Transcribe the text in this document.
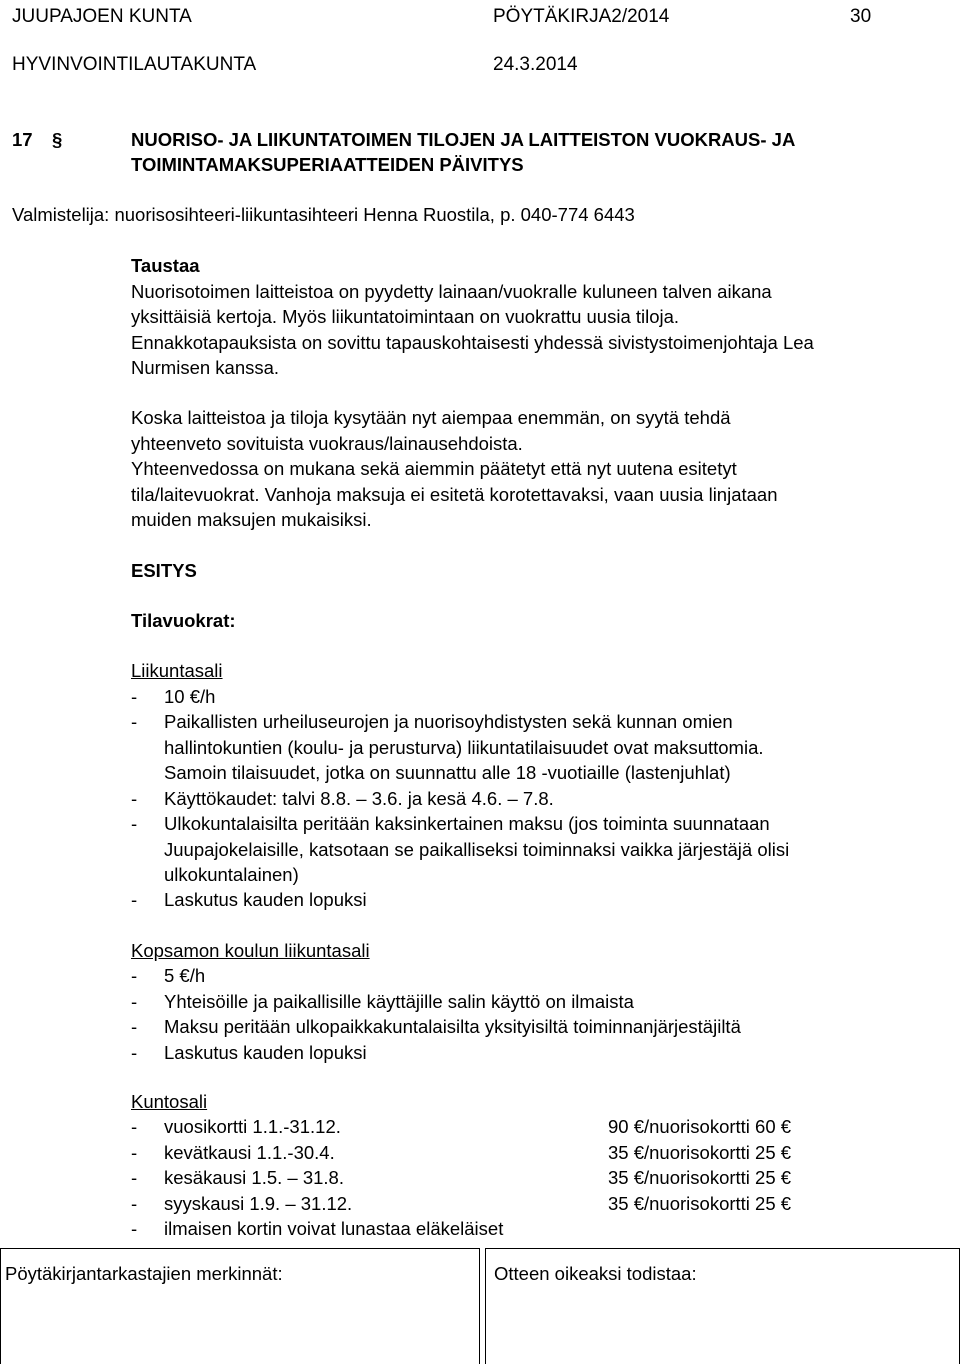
JUUPAJOEN KUNTA	PÖYTÄKIRJA2/2014	30
HYVINVOINTILAUTAKUNTA	24.3.2014
17 §	NUORISO- JA LIIKUNTATOIMEN TILOJEN JA LAITTEISTON VUOKRAUS- JA
TOIMINTAMAKSUPERIAATTEIDEN PÄIVITYS
Valmistelija: nuorisosihteeri-liikuntasihteeri Henna Ruostila, p. 040-774 6443
Taustaa
Nuorisotoimen laitteistoa on pyydetty lainaan/vuokralle kuluneen talven aikana
yksittäisiä kertoja. Myös liikuntatoimintaan on vuokrattu uusia tiloja.
Ennakkotapauksista on sovittu tapauskohtaisesti yhdessä sivistystoimenjohtaja Lea
Nurmisen kanssa.
Koska laitteistoa ja tiloja kysytään nyt aiempaa enemmän, on syytä tehdä
yhteenveto sovituista vuokraus/lainausehdoista.
Yhteenvedossa on mukana sekä aiemmin päätetyt että nyt uutena esitetyt
tila/laitevuokrat. Vanhoja maksuja ei esitetä korotettavaksi, vaan uusia linjataan
muiden maksujen mukaisiksi.
ESITYS
Tilavuokrat:
Liikuntasali
- 10 €/h
- Paikallisten urheiluseurojen ja nuorisoyhdistysten sekä kunnan omien
hallintokuntien (koulu- ja perusturva) liikuntatilaisuudet ovat maksuttomia.
Samoin tilaisuudet, jotka on suunnattu alle 18 -vuotiaille (lastenjuhlat)
- Käyttökaudet: talvi 8.8. – 3.6. ja kesä 4.6. – 7.8.
- Ulkokuntalaisilta peritään kaksinkertainen maksu (jos toiminta suunnataan
Juupajokelaisille, katsotaan se paikalliseksi toiminnaksi vaikka järjestäjä olisi
ulkokuntalainen)
- Laskutus kauden lopuksi
Kopsamon koulun liikuntasali
- 5 €/h
- Yhteisöille ja paikallisille käyttäjille salin käyttö on ilmaista
- Maksu peritään ulkopaikkakuntalaisilta yksityisiltä toiminnanjärjestäjiltä
- Laskutus kauden lopuksi
Kuntosali
- vuosikortti 1.1.-31.12.	90 €/nuorisokortti 60 €
- kevätkausi 1.1.-30.4.	35 €/nuorisokortti 25 €
- kesäkausi 1.5. – 31.8.	35 €/nuorisokortti 25 €
- syyskausi 1.9. – 31.12.	35 €/nuorisokortti 25 €
- ilmaisen kortin voivat lunastaa eläkeläiset
Pöytäkirjantarkastajien merkinnät:	Otteen oikeaksi todistaa:
